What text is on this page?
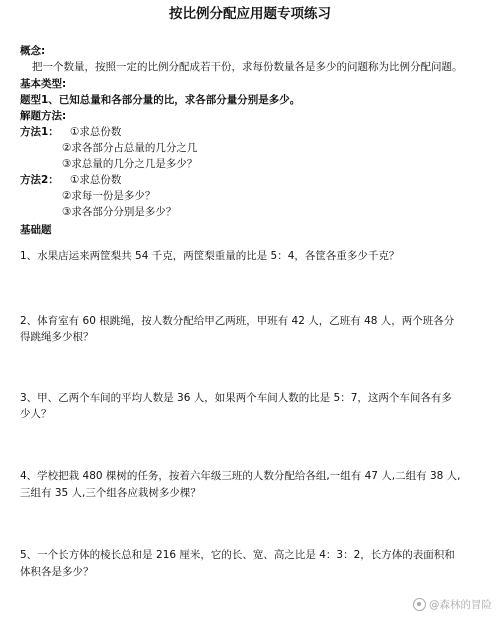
按比例分配应用题专项练习
概念:
把一个数量，按照一定的比例分配成若干份，求每份数量各是多少的问题称为比例分配问题。
基本类型:
题型1、已知总量和各部分量的比，求各部分量分别是多少。
解题方法:
方法1： ①求总份数
②求各部分占总量的几分之几
③求总量的几分之几是多少？
方法2： ①求总份数
②求每一份是多少？
③求各部分分别是多少？
基础题
1、水果店运来两筐梨共 54 千克，两筐梨重量的比是 5：4，各筐各重多少千克？
2、体育室有 60 根跳绳，按人数分配给甲乙两班，甲班有 42 人，乙班有 48 人，两个班各分
得跳绳多少根？
3、甲、乙两个车间的平均人数是 36 人，如果两个车间人数的比是 5：7，这两个车间各有多
少人？
4、学校把栽 480 棵树的任务，按着六年级三班的人数分配给各组,一组有 47 人,二组有 38 人,
三组有 35 人,三个组各应栽树多少棵？
5、一个长方体的棱长总和是 216 厘米，它的长、宽、高之比是 4：3：2，长方体的表面积和
体积各是多少？
@森林的冒险
